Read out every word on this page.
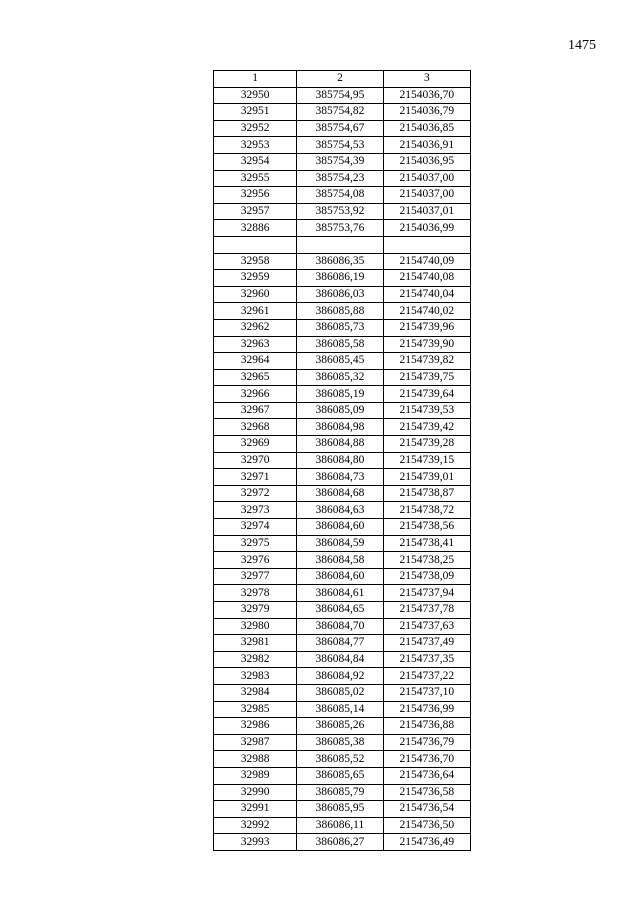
1475
1	2	3
32950	385754,95	2154036,70
32951	385754,82	2154036,79
32952	385754,67	2154036,85
32953	385754,53	2154036,91
32954	385754,39	2154036,95
32955	385754,23	2154037,00
32956	385754,08	2154037,00
32957	385753,92	2154037,01
32886	385753,76	2154036,99

32958	386086,35	2154740,09
32959	386086,19	2154740,08
32960	386086,03	2154740,04
32961	386085,88	2154740,02
32962	386085,73	2154739,96
32963	386085,58	2154739,90
32964	386085,45	2154739,82
32965	386085,32	2154739,75
32966	386085,19	2154739,64
32967	386085,09	2154739,53
32968	386084,98	2154739,42
32969	386084,88	2154739,28
32970	386084,80	2154739,15
32971	386084,73	2154739,01
32972	386084,68	2154738,87
32973	386084,63	2154738,72
32974	386084,60	2154738,56
32975	386084,59	2154738,41
32976	386084,58	2154738,25
32977	386084,60	2154738,09
32978	386084,61	2154737,94
32979	386084,65	2154737,78
32980	386084,70	2154737,63
32981	386084,77	2154737,49
32982	386084,84	2154737,35
32983	386084,92	2154737,22
32984	386085,02	2154737,10
32985	386085,14	2154736,99
32986	386085,26	2154736,88
32987	386085,38	2154736,79
32988	386085,52	2154736,70
32989	386085,65	2154736,64
32990	386085,79	2154736,58
32991	386085,95	2154736,54
32992	386086,11	2154736,50
32993	386086,27	2154736,49
